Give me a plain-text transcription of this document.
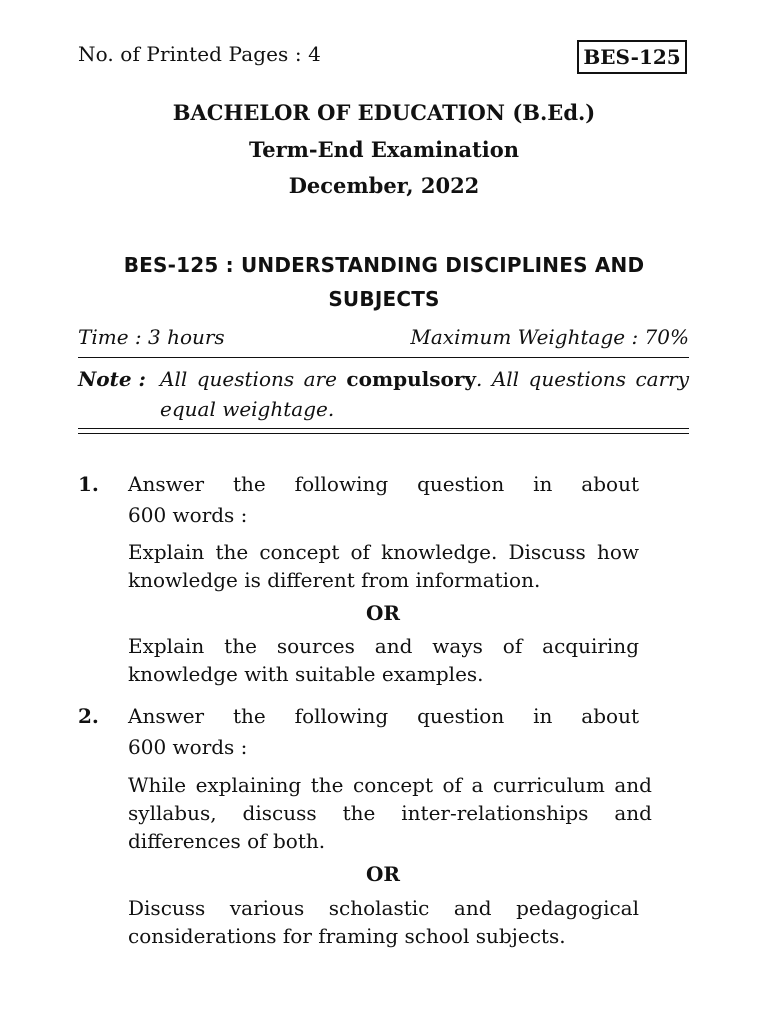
No. of Printed Pages : 4	BES-125
BACHELOR OF EDUCATION (B.Ed.)
Term-End Examination
December, 2022
BES-125 : UNDERSTANDING DISCIPLINES AND
SUBJECTS
Time : 3 hours	Maximum Weightage : 70%
Note : All questions are compulsory. All questions carry equal weightage.
1. Answer the following question in about
600 words :
Explain the concept of knowledge. Discuss how knowledge is different from information.
OR
Explain the sources and ways of acquiring knowledge with suitable examples.
2. Answer the following question in about
600 words :
While explaining the concept of a curriculum and syllabus, discuss the inter-relationships and differences of both.
OR
Discuss various scholastic and pedagogical considerations for framing school subjects.
